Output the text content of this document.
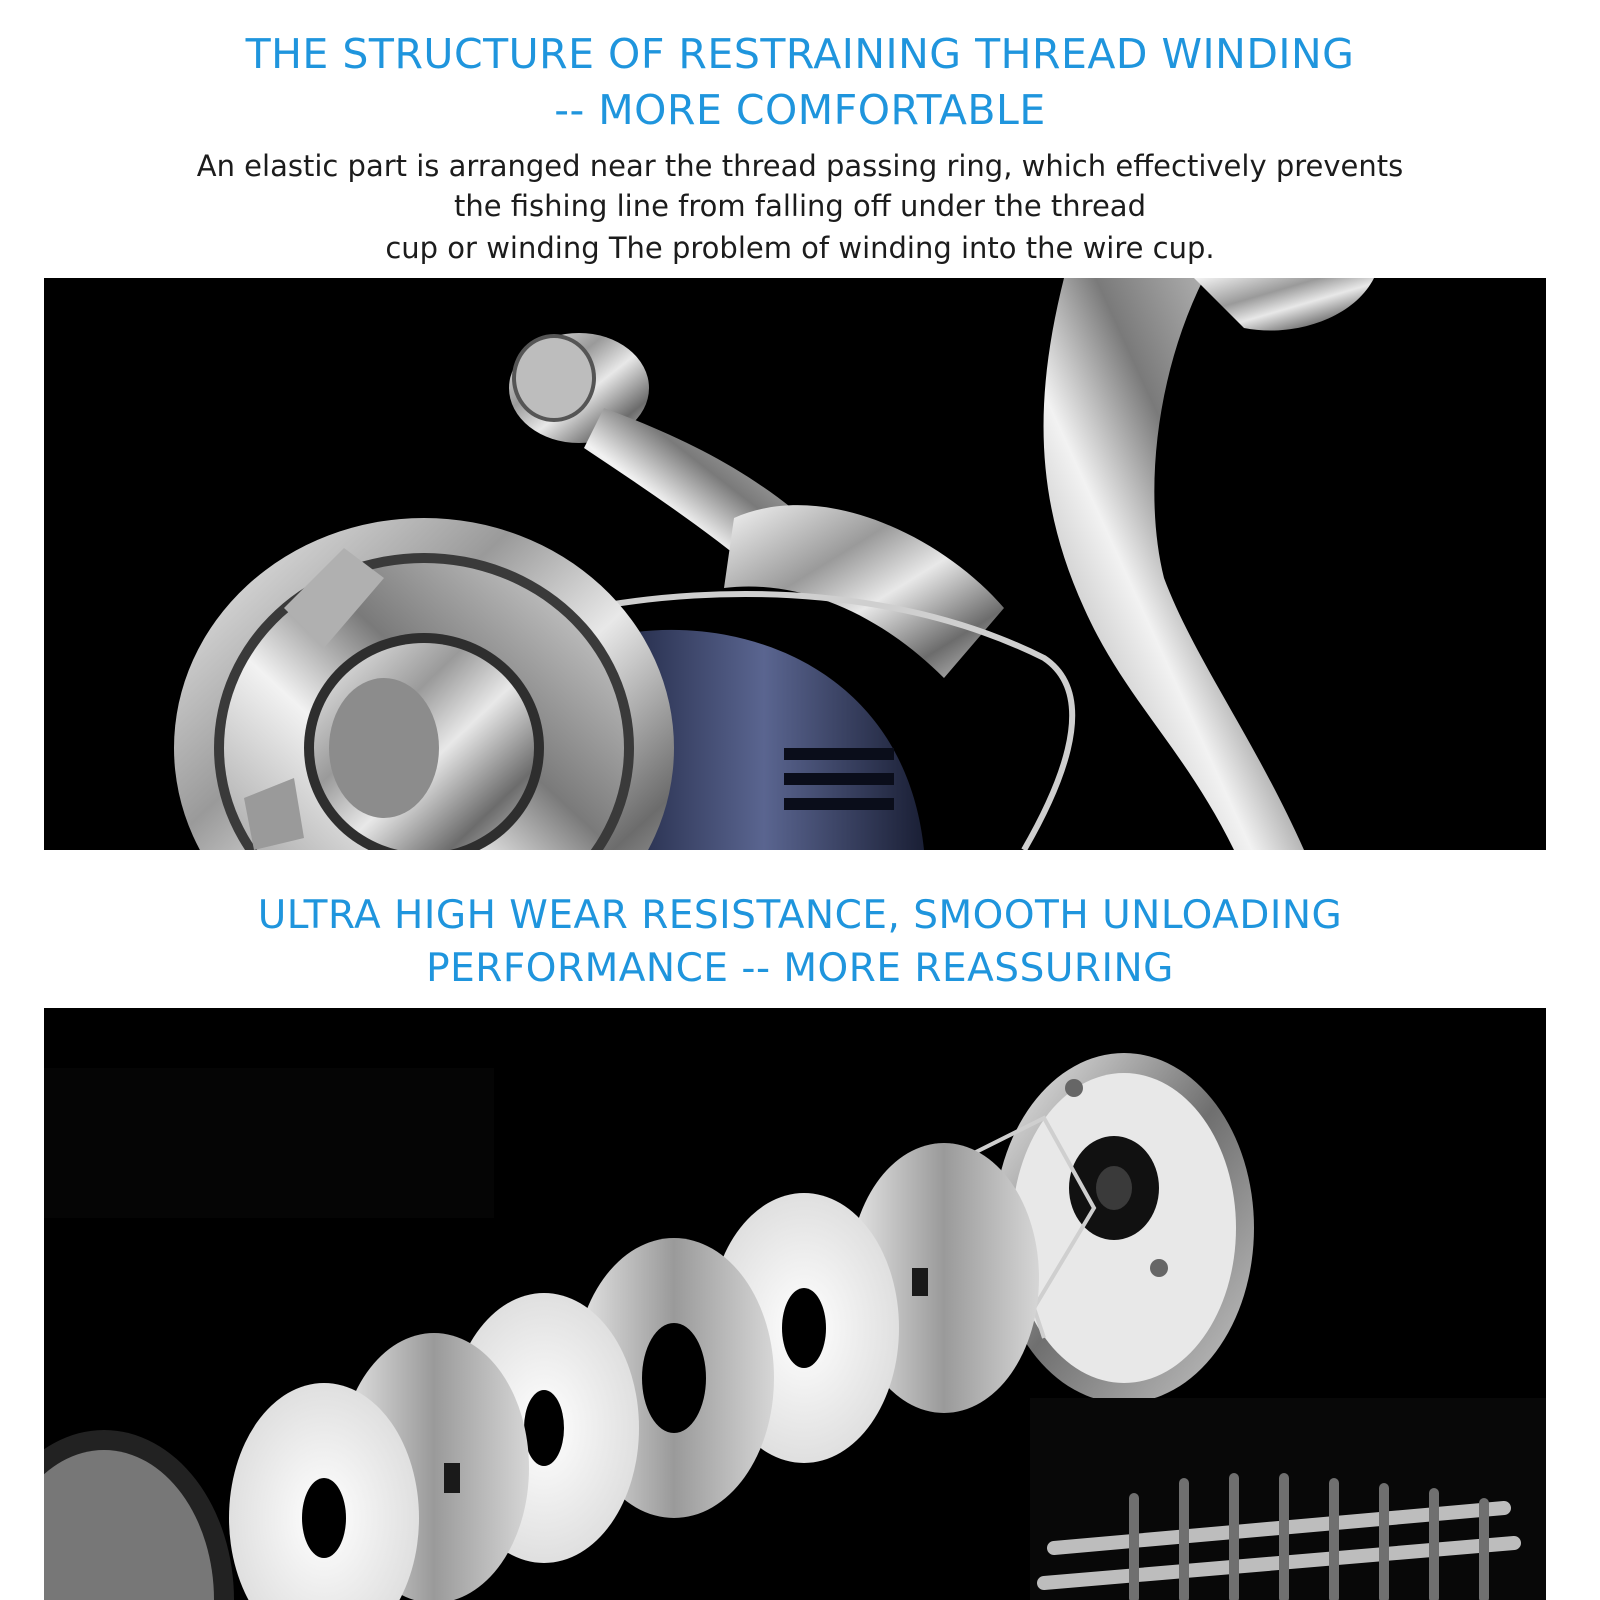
THE STRUCTURE OF RESTRAINING THREAD WINDING
-- MORE COMFORTABLE
An elastic part is arranged near the thread passing ring, which effectively prevents
the fishing line from falling off under the thread
cup or winding The problem of winding into the wire cup.
ULTRA HIGH WEAR RESISTANCE, SMOOTH UNLOADING
PERFORMANCE -- MORE REASSURING
